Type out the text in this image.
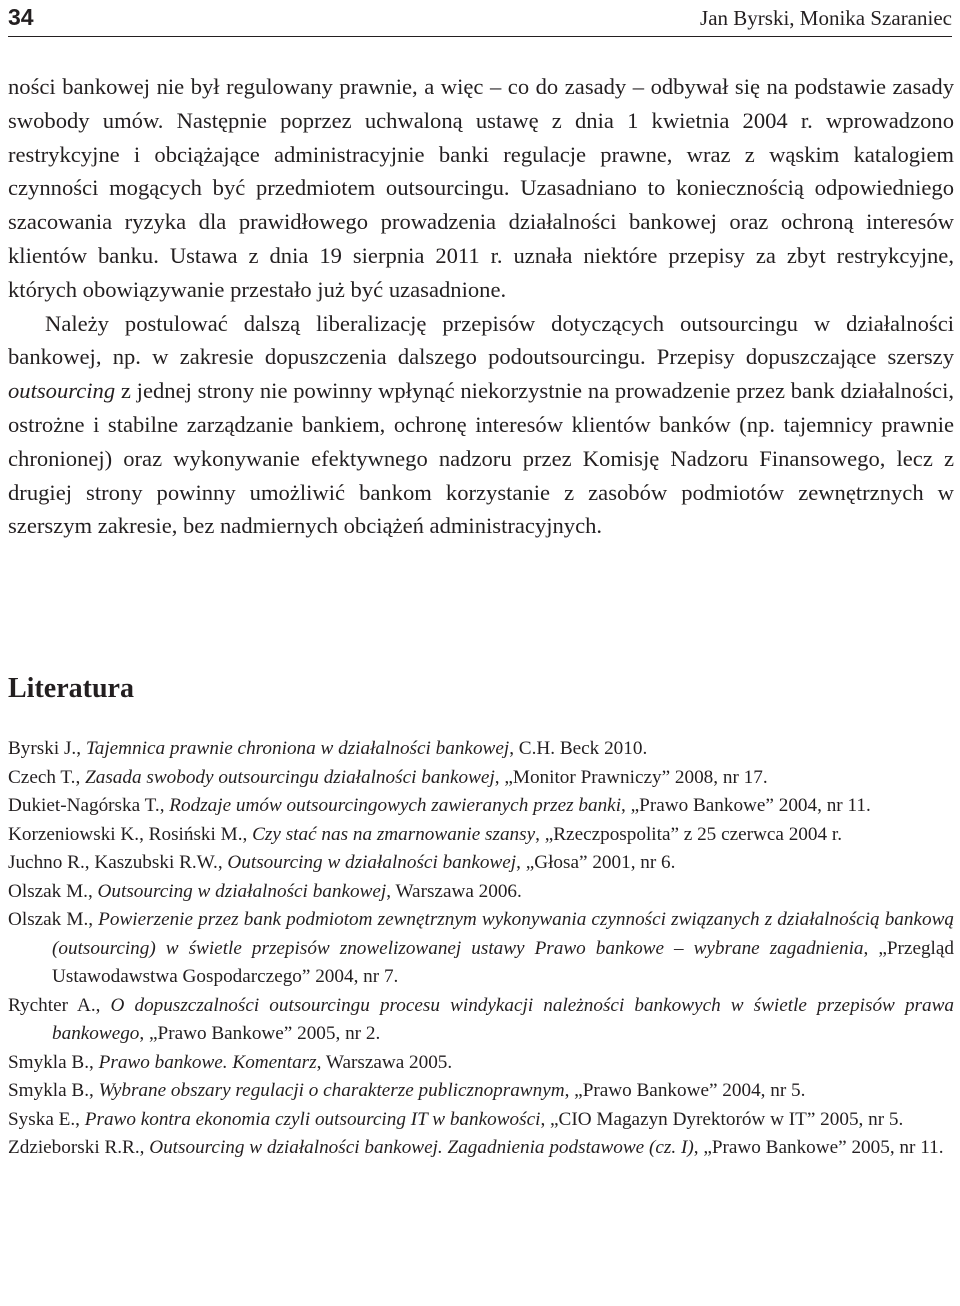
34	Jan Byrski, Monika Szaraniec

ności bankowej nie był regulowany prawnie, a więc – co do zasady – odbywał się na podstawie zasady swobody umów. Następnie poprzez uchwaloną ustawę z dnia 1 kwietnia 2004 r. wprowadzono restrykcyjne i obciążające administracyjnie banki regulacje prawne, wraz z wąskim katalogiem czynności mogących być przedmiotem outsourcingu. Uzasadniano to koniecznością odpowiedniego szacowania ryzyka dla prawidłowego prowadzenia działalności bankowej oraz ochroną interesów klientów banku. Ustawa z dnia 19 sierpnia 2011 r. uznała niektóre przepisy za zbyt restrykcyjne, których obowiązywanie przestało już być uzasadnione.

Należy postulować dalszą liberalizację przepisów dotyczących outsourcingu w działalności bankowej, np. w zakresie dopuszczenia dalszego podoutsourcingu. Przepisy dopuszczające szerszy outsourcing z jednej strony nie powinny wpłynąć niekorzystnie na prowadzenie przez bank działalności, ostrożne i stabilne zarządzanie bankiem, ochronę interesów klientów banków (np. tajemnicy prawnie chronionej) oraz wykonywanie efektywnego nadzoru przez Komisję Nadzoru Finansowego, lecz z drugiej strony powinny umożliwić bankom korzystanie z zasobów podmiotów zewnętrznych w szerszym zakresie, bez nadmiernych obciążeń administracyjnych.

Literatura
Byrski J., Tajemnica prawnie chroniona w działalności bankowej, C.H. Beck 2010.
Czech T., Zasada swobody outsourcingu działalności bankowej, „Monitor Prawniczy” 2008, nr 17.
Dukiet-Nagórska T., Rodzaje umów outsourcingowych zawieranych przez banki, „Prawo Bankowe” 2004, nr 11.
Korzeniowski K., Rosiński M., Czy stać nas na zmarnowanie szansy, „Rzeczpospolita” z 25 czerwca 2004 r.
Juchno R., Kaszubski R.W., Outsourcing w działalności bankowej, „Głosa” 2001, nr 6.
Olszak M., Outsourcing w działalności bankowej, Warszawa 2006.
Olszak M., Powierzenie przez bank podmiotom zewnętrznym wykonywania czynności związanych z działalnością bankową (outsourcing) w świetle przepisów znowelizowanej ustawy Prawo bankowe – wybrane zagadnienia, „Przegląd Ustawodawstwa Gospodarczego” 2004, nr 7.
Rychter A., O dopuszczalności outsourcingu procesu windykacji należności bankowych w świetle przepisów prawa bankowego, „Prawo Bankowe” 2005, nr 2.
Smykla B., Prawo bankowe. Komentarz, Warszawa 2005.
Smykla B., Wybrane obszary regulacji o charakterze publicznoprawnym, „Prawo Bankowe” 2004, nr 5.
Syska E., Prawo kontra ekonomia czyli outsourcing IT w bankowości, „CIO Magazyn Dyrektorów w IT” 2005, nr 5.
Zdzieborski R.R., Outsourcing w działalności bankowej. Zagadnienia podstawowe (cz. I), „Prawo Bankowe” 2005, nr 11.
